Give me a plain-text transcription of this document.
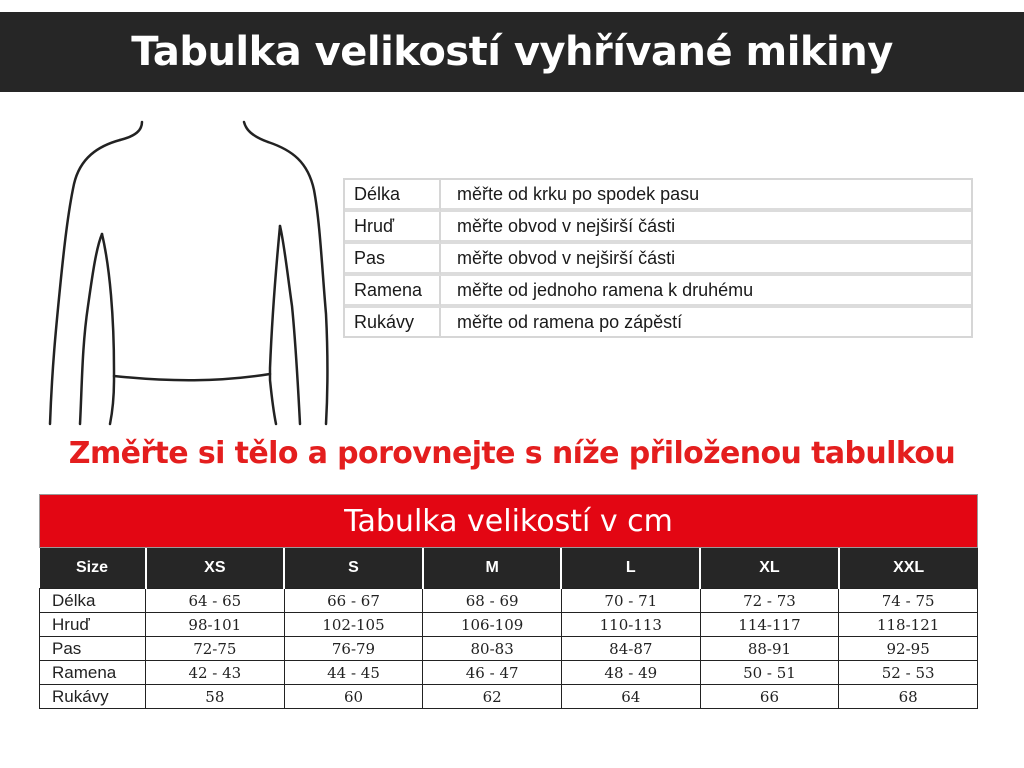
Tabulka velikostí vyhřívané mikiny
Délka	měřte od krku po spodek pasu
Hruď	měřte obvod v nejširší části
Pas	měřte obvod v nejširší části
Ramena	měřte od jednoho ramena k druhému
Rukávy	měřte od ramena po zápěstí
Změřte si tělo a porovnejte s níže přiloženou tabulkou
Tabulka velikostí v cm
Size	XS	S	M	L	XL	XXL
Délka	64 - 65	66 - 67	68 - 69	70 - 71	72 - 73	74 - 75
Hruď	98-101	102-105	106-109	110-113	114-117	118-121
Pas	72-75	76-79	80-83	84-87	88-91	92-95
Ramena	42 - 43	44 - 45	46 - 47	48 - 49	50 - 51	52 - 53
Rukávy	58	60	62	64	66	68
